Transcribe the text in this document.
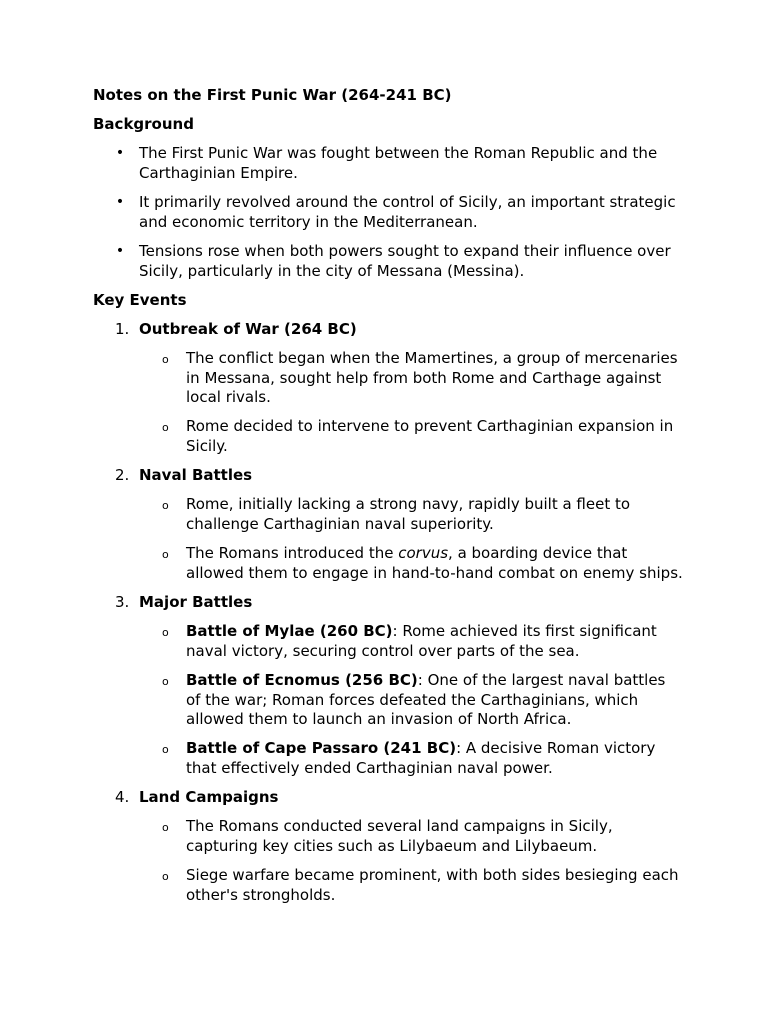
Notes on the First Punic War (264-241 BC)
Background
• The First Punic War was fought between the Roman Republic and the Carthaginian Empire.
• It primarily revolved around the control of Sicily, an important strategic and economic territory in the Mediterranean.
• Tensions rose when both powers sought to expand their influence over Sicily, particularly in the city of Messana (Messina).
Key Events
1. Outbreak of War (264 BC)
o The conflict began when the Mamertines, a group of mercenaries in Messana, sought help from both Rome and Carthage against local rivals.
o Rome decided to intervene to prevent Carthaginian expansion in Sicily.
2. Naval Battles
o Rome, initially lacking a strong navy, rapidly built a fleet to challenge Carthaginian naval superiority.
o The Romans introduced the corvus, a boarding device that allowed them to engage in hand-to-hand combat on enemy ships.
3. Major Battles
o Battle of Mylae (260 BC): Rome achieved its first significant naval victory, securing control over parts of the sea.
o Battle of Ecnomus (256 BC): One of the largest naval battles of the war; Roman forces defeated the Carthaginians, which allowed them to launch an invasion of North Africa.
o Battle of Cape Passaro (241 BC): A decisive Roman victory that effectively ended Carthaginian naval power.
4. Land Campaigns
o The Romans conducted several land campaigns in Sicily, capturing key cities such as Lilybaeum and Lilybaeum.
o Siege warfare became prominent, with both sides besieging each other's strongholds.
